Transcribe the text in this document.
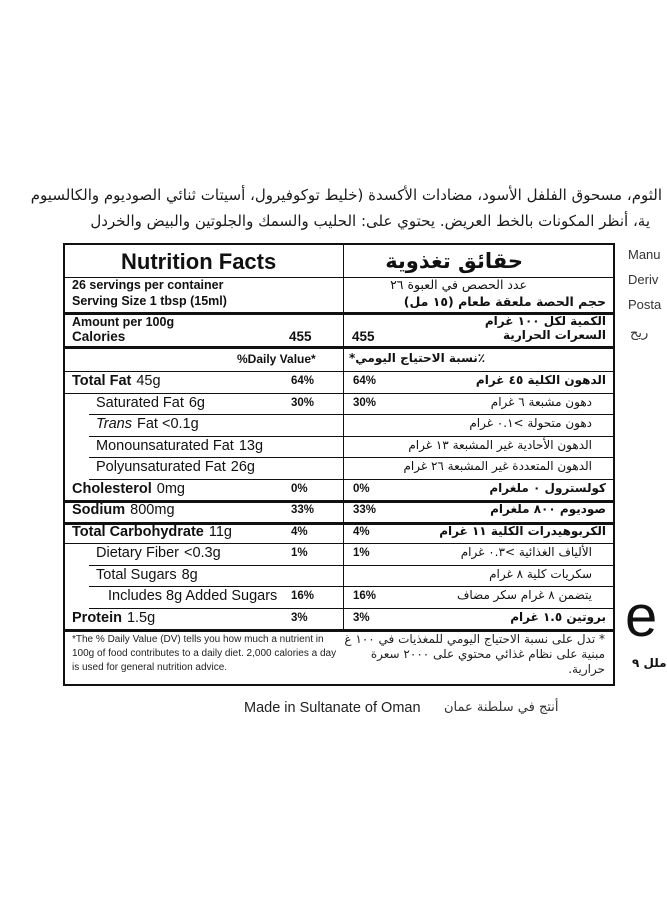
الثوم، مسحوق الفلفل الأسود، مضادات الأكسدة (خليط توكوفيرول، أسيتات ثنائي الصوديوم والكالسيوم
ية، أنظر المكونات بالخط العريض. يحتوي على: الحليب والسمك والجلوتين والبيض والخردل
Manu
Deriv
Posta
ريح
e
ملل ٩
Nutrition Facts	حقائق تغذوية
26 servings per container
Serving Size 1 tbsp (15ml)
عدد الحصص في العبوة ٢٦
حجم الحصة ملعقة طعام (١٥ مل)
Amount per 100g
Calories	455	455
الكمية لكل ١٠٠ غرام
السعرات الحرارية
%Daily Value*	٪نسبة الاحتياج اليومي*
Total Fat 45g	64%	64%	الدهون الكلية ٤٥ غرام
Saturated Fat 6g	30%	30%	دهون مشبعة ٦ غرام
Trans Fat <0.1g	دهون متحولة >٠.١ غرام
Monounsaturated Fat 13g	الدهون الأحادية غير المشبعة ١٣ غرام
Polyunsaturated Fat 26g	الدهون المتعددة غير المشبعة ٢٦ غرام
Cholesterol 0mg	0%	0%	كولسترول ٠ ملغرام
Sodium 800mg	33%	33%	صوديوم ٨٠٠ ملغرام
Total Carbohydrate 11g	4%	4%	الكربوهيدرات الكلية ١١ غرام
Dietary Fiber <0.3g	1%	1%	الألياف الغذائية >٠.٣ غرام
Total Sugars 8g	سكريات كلية ٨ غرام
Includes 8g Added Sugars	16%	16%	يتضمن ٨ غرام سكر مضاف
Protein 1.5g	3%	3%	بروتين ١.٥ غرام
*The % Daily Value (DV) tells you how much a nutrient in 100g of food contributes to a daily diet. 2,000 calories a day is used for general nutrition advice.
* تدل على نسبة الاحتياج اليومي للمغذيات في ١٠٠ غ مبنية على نظام غذائي محتوي على ٢٠٠٠ سعرة حرارية.
Made in Sultanate of Oman أنتج في سلطنة عمان
